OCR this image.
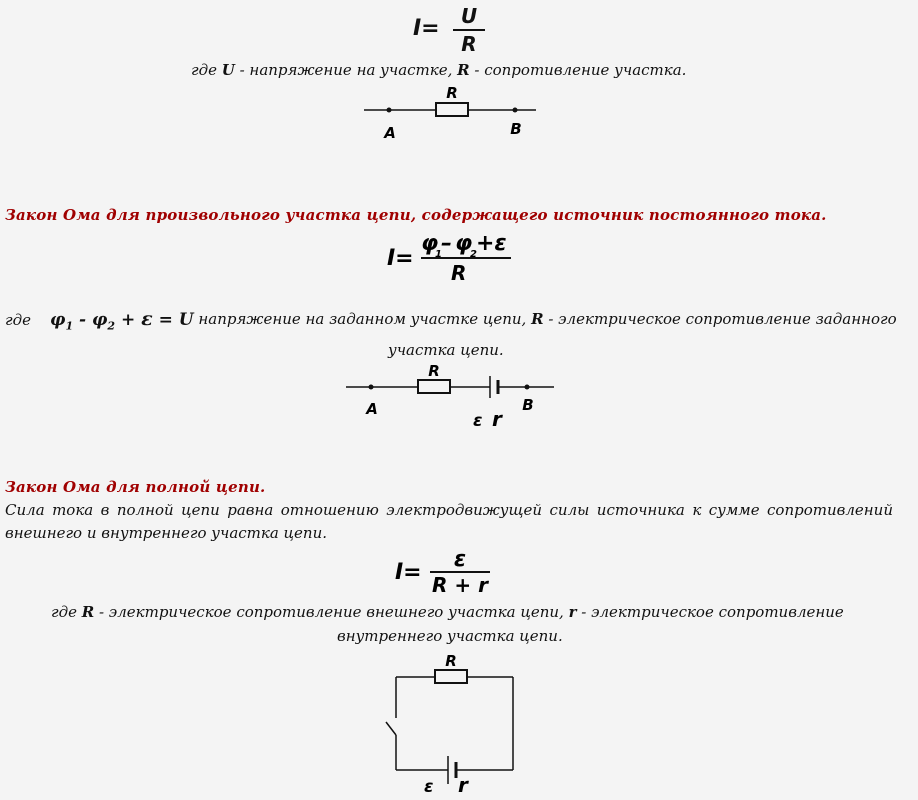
I= U
R
где U - напряжение на участке, R - сопротивление участка.
R
A	B
Закон Ома для произвольного участка цепи, содержащего источник постоянного тока.
I=
φ
1 – φ
2 +ε
R
где $\varphi_1 - \varphi_2 + \varepsilon = U$ напряжение на заданном участке цепи, R - электрическое сопротивление заданного
участка цепи.
R
A	B
ε r
Закон Ома для полной цепи.
Сила тока в полной цепи равна отношению электродвижущей силы источника к сумме сопротивлений
внешнего и внутреннего участка цепи.
I=
ε
R + r
где R - электрическое сопротивление внешнего участка цепи, r - электрическое сопротивление
внутреннего участка цепи.
R
ε r
